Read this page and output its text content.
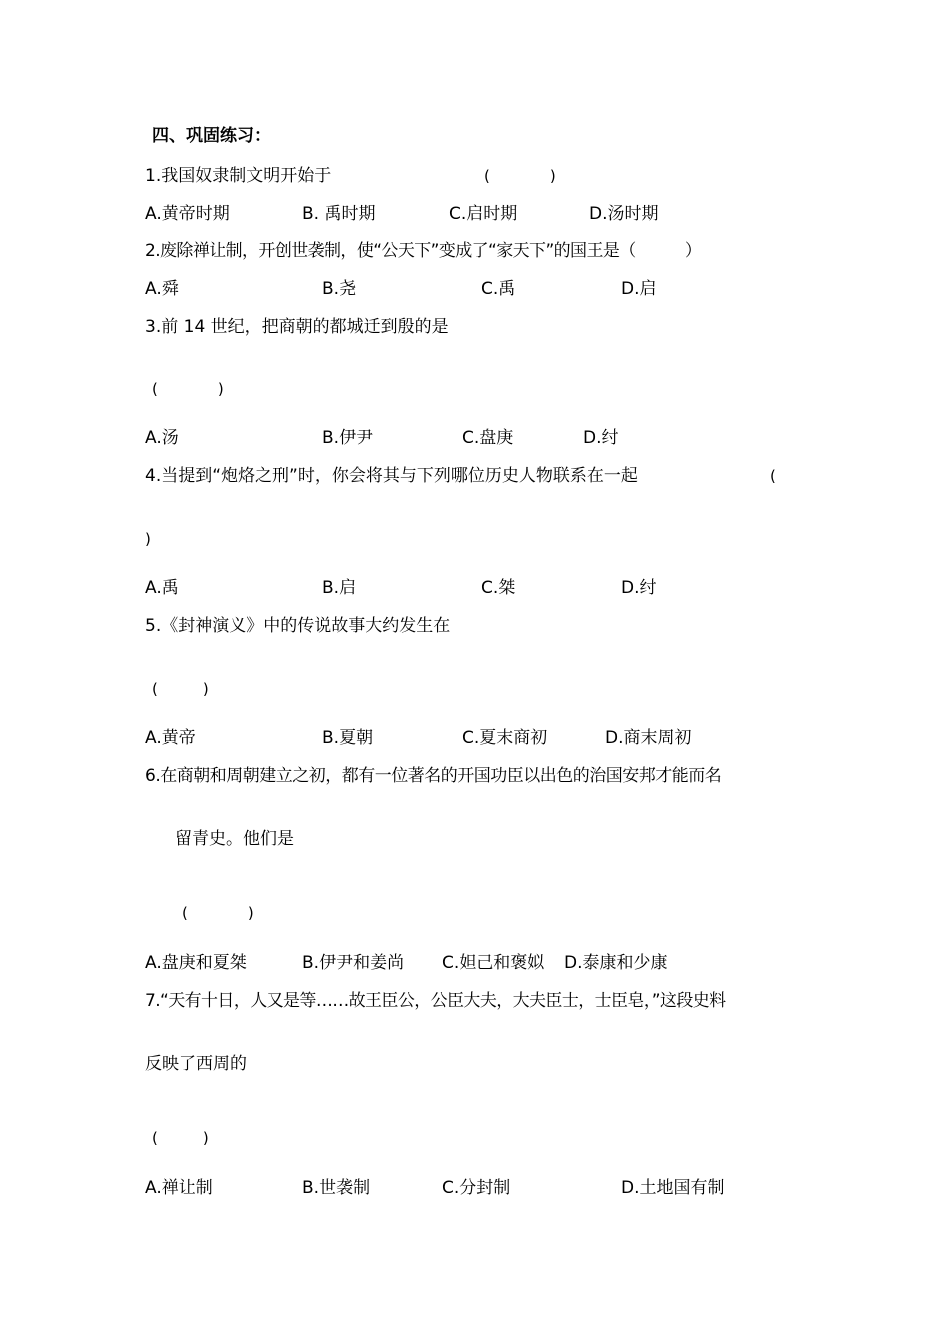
四、巩固练习：
1.我国奴隶制文明开始于	(　　　　)
A.黄帝时期	B. 禹时期	C.启时期	D.汤时期
2.废除禅让制，开创世袭制，使“公天下”变成了“家天下”的国王是（　　　）
A.舜	B.尧	C.禹	D.启
3.前 14 世纪，把商朝的都城迁到殷的是
(　　　　)
A.汤	B.伊尹	C.盘庚	D.纣
4.当提到“炮烙之刑”时，你会将其与下列哪位历史人物联系在一起	(
)
A.禹	B.启	C.桀	D.纣
5.《封神演义》中的传说故事大约发生在
(　　　)
A.黄帝	B.夏朝	C.夏末商初	D.商末周初
6.在商朝和周朝建立之初，都有一位著名的开国功臣以出色的治国安邦才能而名
留青史。他们是
(　　　　)
A.盘庚和夏桀	B.伊尹和姜尚 C.妲己和褒姒 D.泰康和少康
7.“天有十日，人又是等……故王臣公，公臣大夫，大夫臣士，士臣皂，”这段史料
反映了西周的
(　　　)
A.禅让制	B.世袭制	C.分封制	D.土地国有制
